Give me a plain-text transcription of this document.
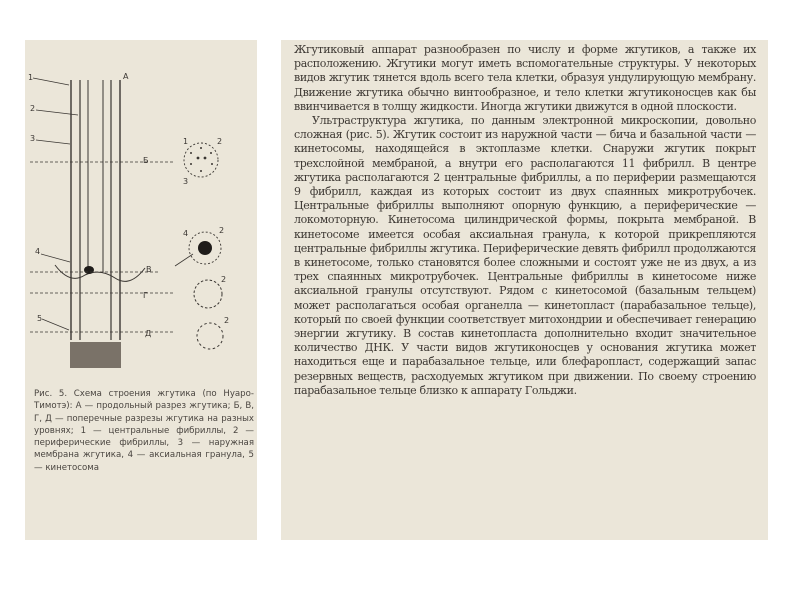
А
Б
В
Г
Д
1
2
3
4
5
1	2
3
4	2
2
2
Рис. 5. Схема строения жгутика (по Нуаро-Тимотэ): А — продольный разрез жгутика; Б, В, Г, Д — поперечные разрезы жгутика на разных уровнях; 1 — центральные фибриллы, 2 — периферические фибриллы, 3 — наружная мембрана жгутика, 4 — аксиальная гранула, 5 — кинетосома

Жгутиковый аппарат разнообразен по числу и форме жгутиков, а также их расположению. Жгутики могут иметь вспомогательные структуры. У некоторых видов жгутик тянется вдоль всего тела клетки, образуя ундулирующую мембрану. Движение жгутика обычно винтообразное, и тело клетки жгутиконосцев как бы ввинчивается в толщу жидкости. Иногда жгутики движутся в одной плоскости.

Ультраструктура жгутика, по данным электронной микроскопии, довольно сложная (рис. 5). Жгутик состоит из наружной части — бича и базальной части — кинетосомы, находящейся в эктоплазме клетки. Снаружи жгутик покрыт трехслойной мембраной, а внутри его располагаются 11 фибрилл. В центре жгутика располагаются 2 центральные фибриллы, а по периферии размещаются 9 фибрилл, каждая из которых состоит из двух спаянных микротрубочек. Центральные фибриллы выполняют опорную функцию, а периферические — локомоторную. Кинетосома цилиндрической формы, покрыта мембраной. В кинетосоме имеется особая аксиальная гранула, к которой прикрепляются центральные фибриллы жгутика. Периферические девять фибрилл продолжаются в кинетосоме, только становятся более сложными и состоят уже не из двух, а из трех спаянных микротрубочек. Центральные фибриллы в кинетосоме ниже аксиальной гранулы отсутствуют. Рядом с кинетосомой (базальным тельцем) может располагаться особая органелла — кинетопласт (парабазальное тельце), который по своей функции соответствует митохондрии и обеспечивает генерацию энергии жгутику. В состав кинетопласта дополнительно входит значительное количество ДНК. У части видов жгутиконосцев у основания жгутика может находиться еще и парабазальное тельце, или блефаропласт, содержащий запас резервных веществ, расходуемых жгутиком при движении. По своему строению парабазальное тельце близко к аппарату Гольджи.
